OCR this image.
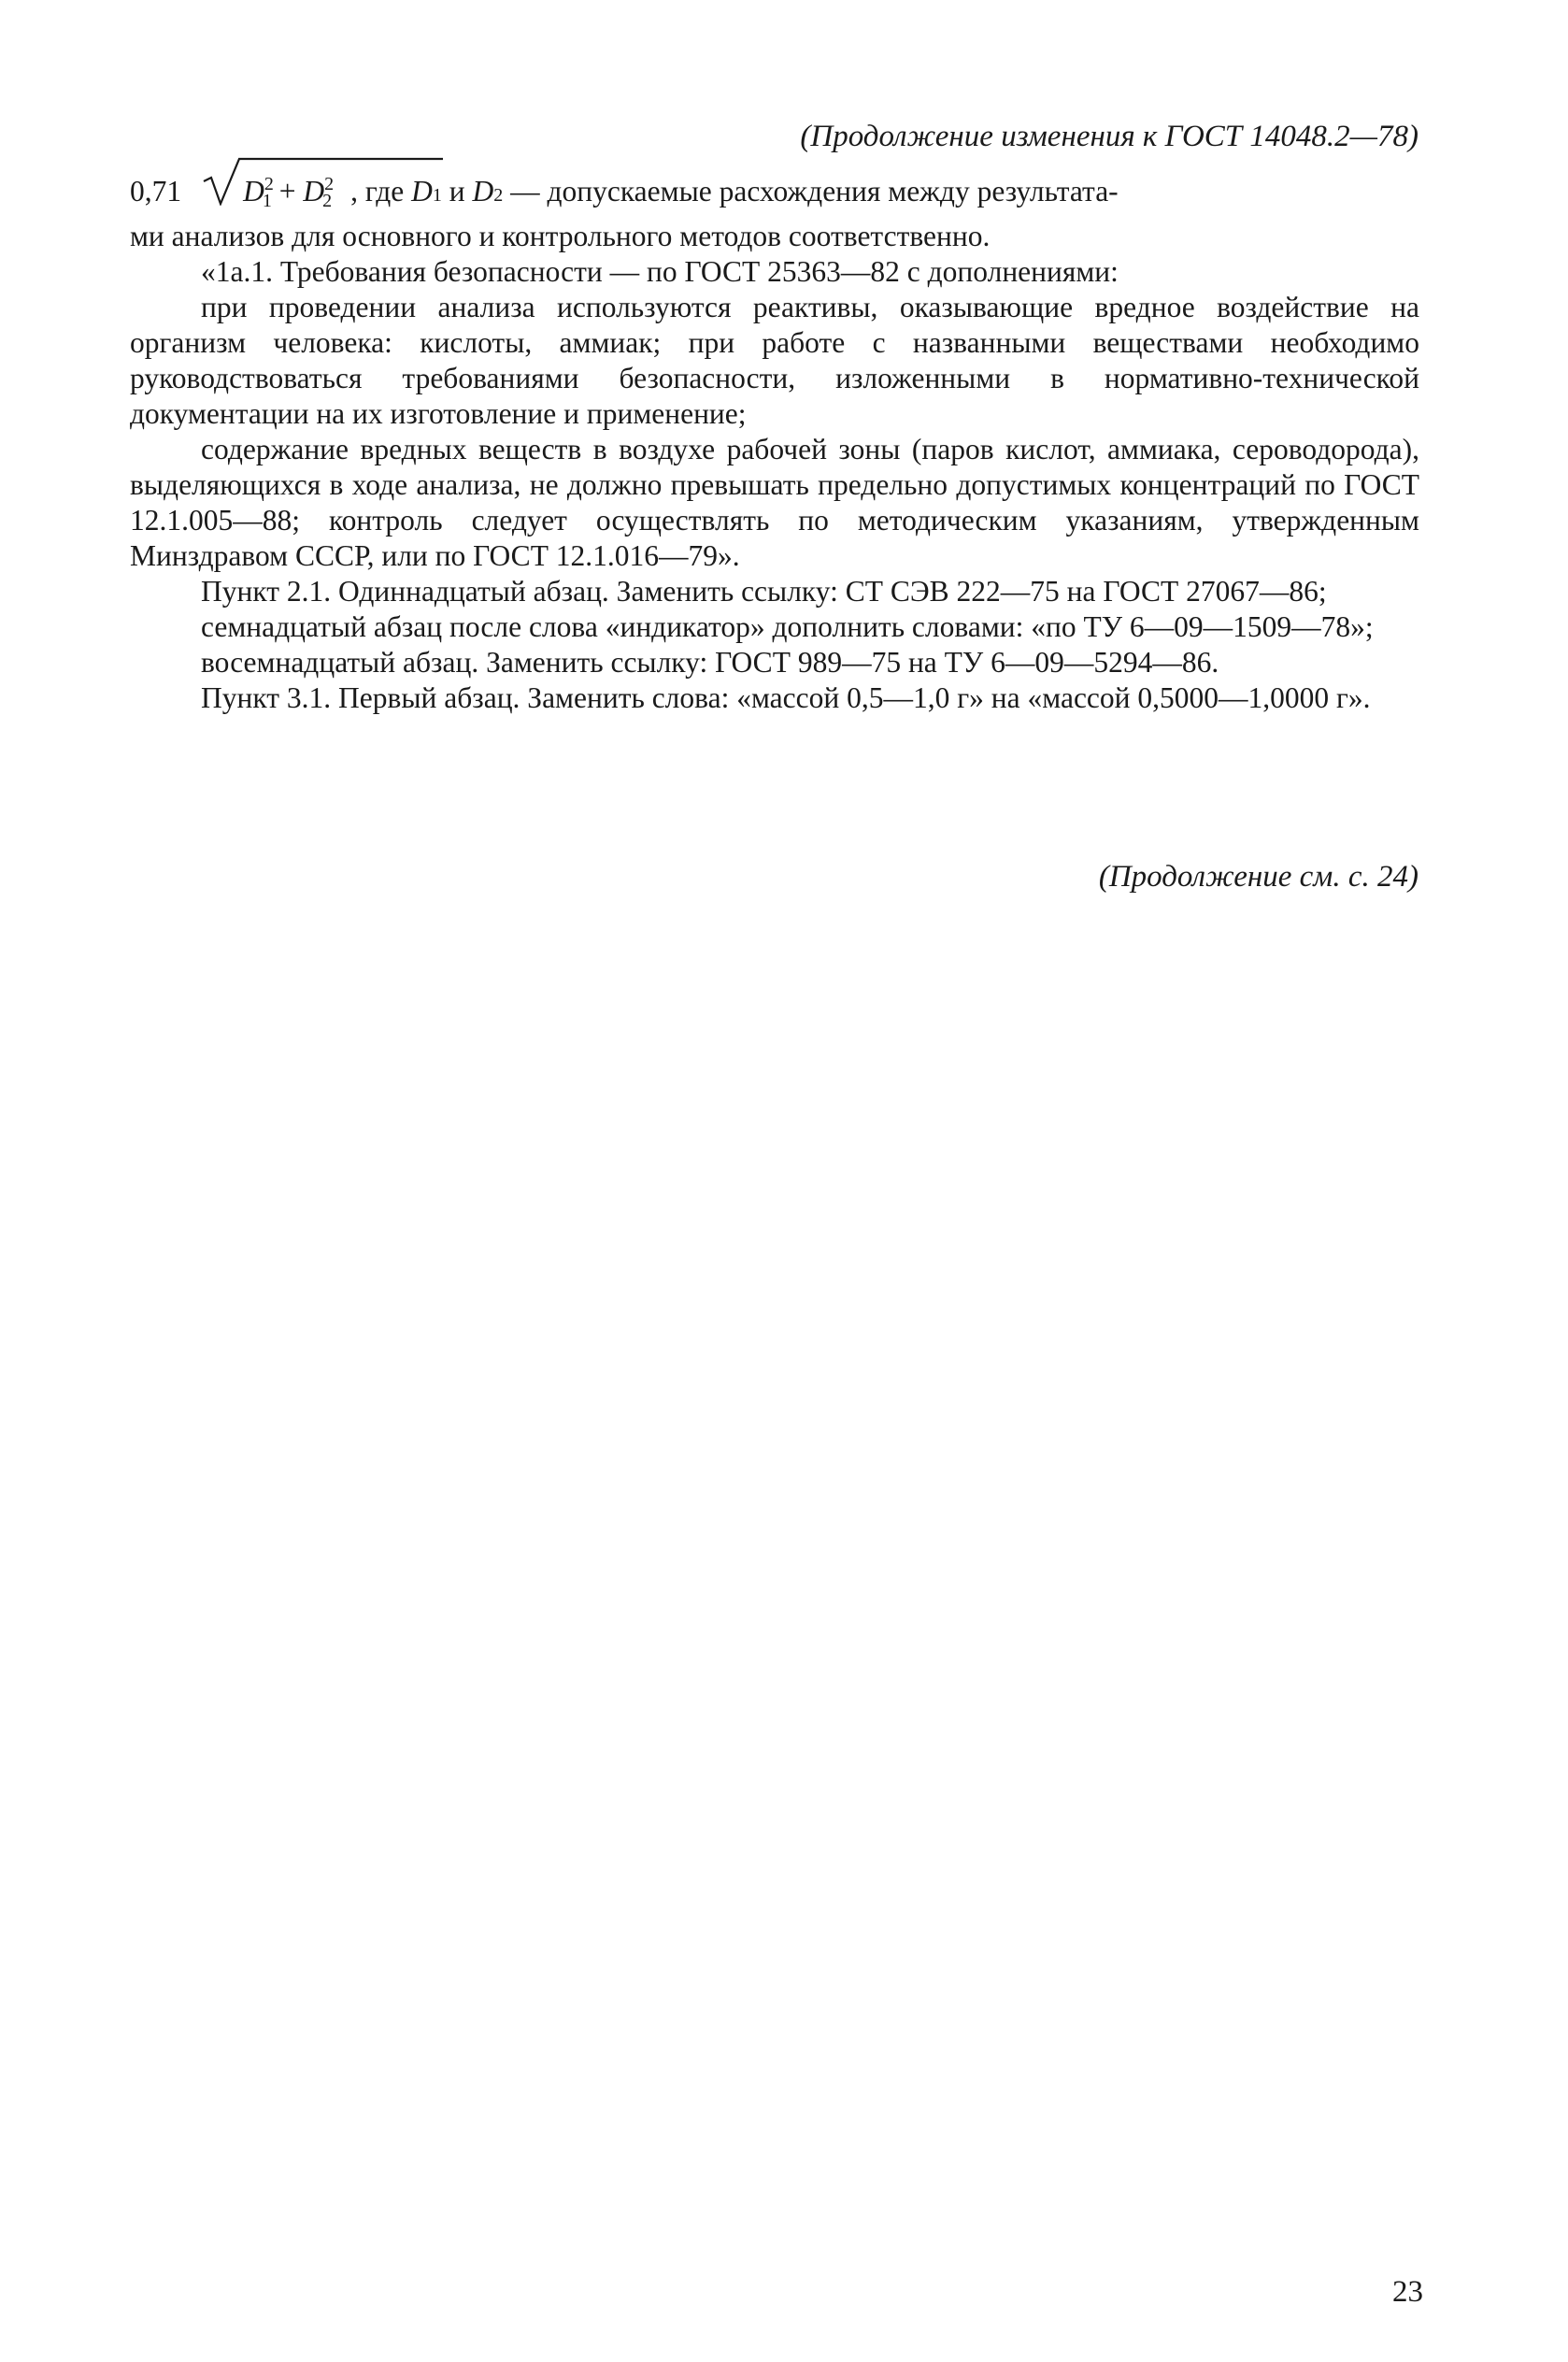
(Продолжение изменения к ГОСТ 14048.2—78)
0,71	$D^2_1 + D^2_2$ , где
D 1
и
D 2
— допускаемые расхождения между результата-

ми анализов для основного и контрольного методов соответственно.

«1а.1. Требования безопасности — по ГОСТ 25363—82 с дополнениями:

при проведении анализа используются реактивы, оказывающие вредное воздействие на организм человека: кислоты, аммиак; при работе с названными веществами необходимо руководствоваться требованиями безопасности, изложенными в нормативно-технической документации на их изготовление и применение;

содержание вредных веществ в воздухе рабочей зоны (паров кислот, аммиака, сероводорода), выделяющихся в ходе анализа, не должно превышать предельно допустимых концентраций по ГОСТ 12.1.005—88; контроль следует осуществлять по методическим указаниям, утвержденным Минздравом СССР, или по ГОСТ 12.1.016—79».

Пункт 2.1. Одиннадцатый абзац. Заменить ссылку: СТ СЭВ 222—75 на ГОСТ 27067—86;

семнадцатый абзац после слова «индикатор» дополнить словами: «по ТУ 6—09—1509—78»;

восемнадцатый абзац. Заменить ссылку: ГОСТ 989—75 на ТУ 6—09—5294—86.

Пункт 3.1. Первый абзац. Заменить слова: «массой 0,5—1,0 г» на «массой 0,5000—1,0000 г».

(Продолжение см. с. 24)
23
